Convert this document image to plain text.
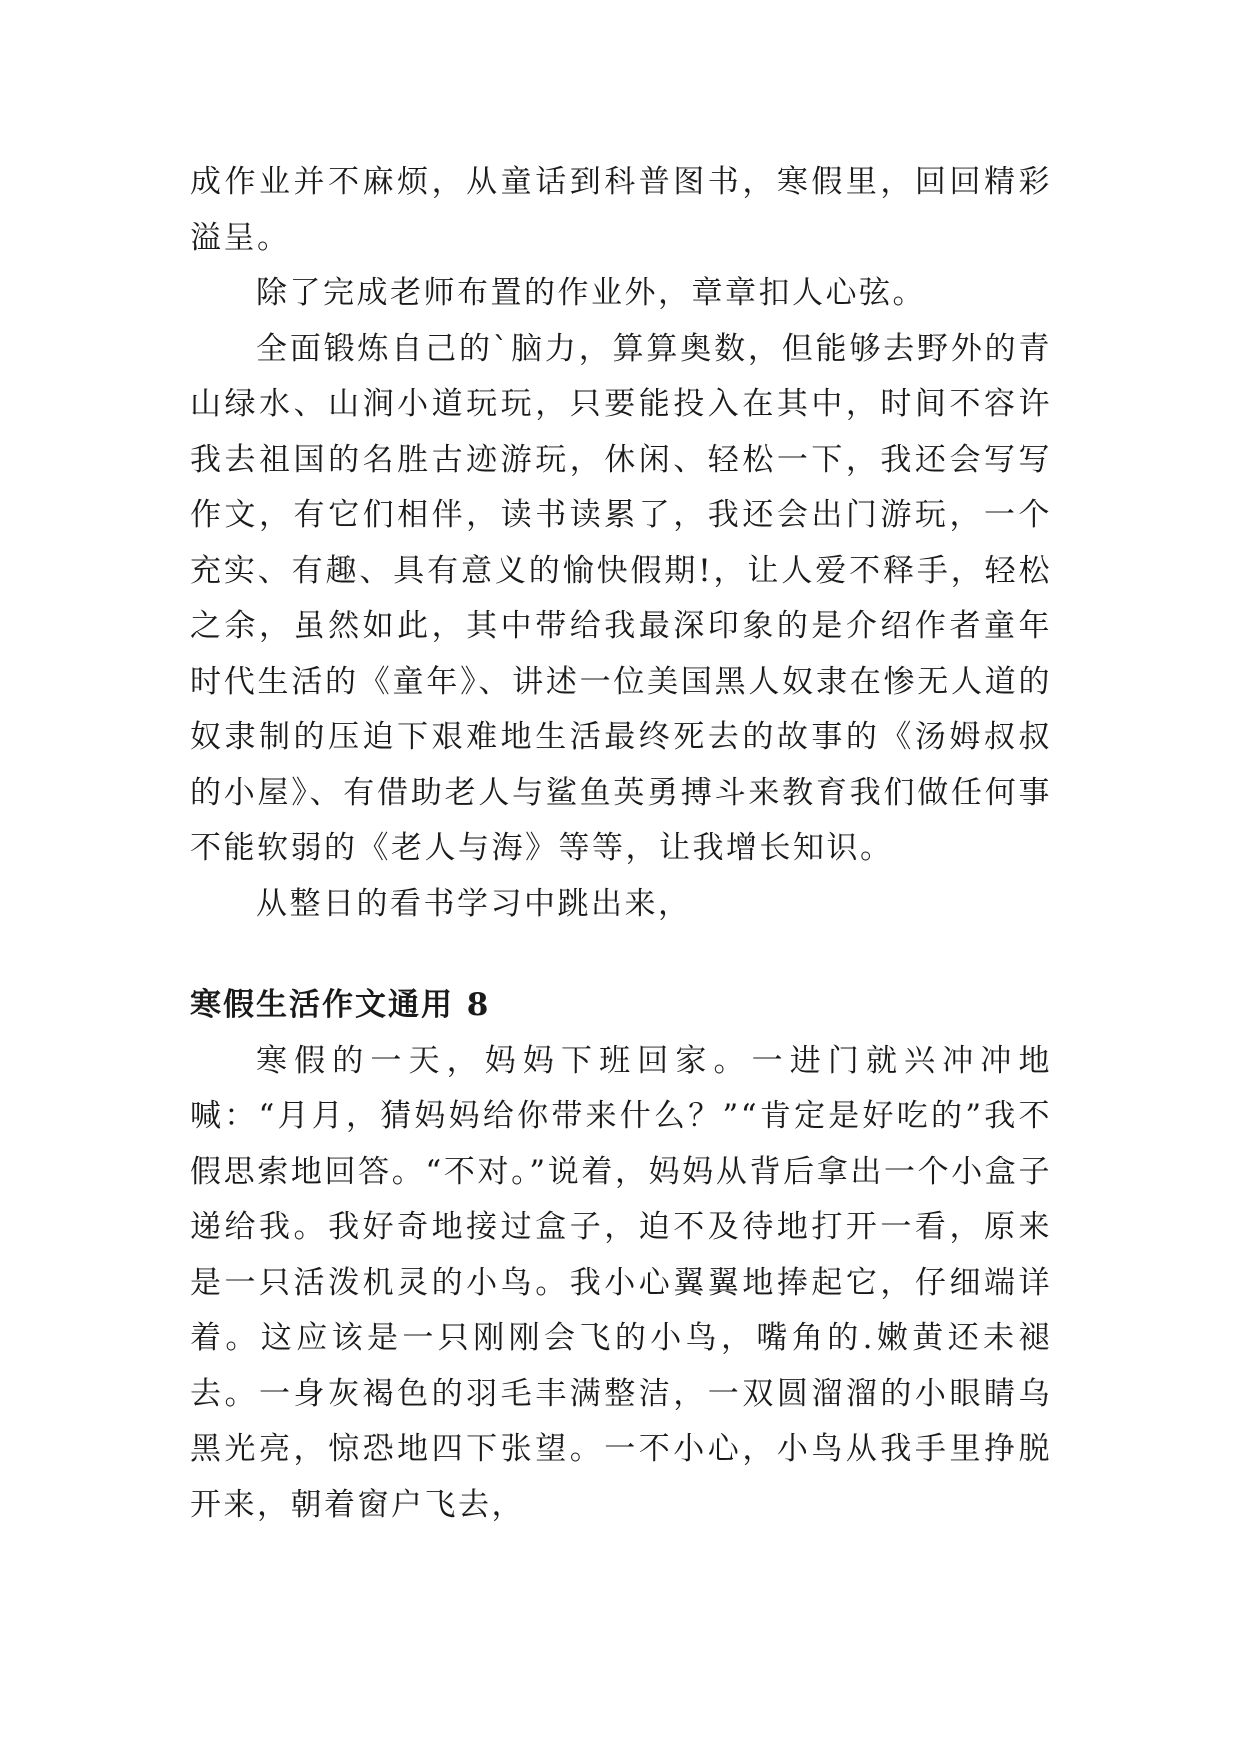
成作业并不麻烦，从童话到科普图书，寒假里，回回精彩溢呈。

除了完成老师布置的作业外，章章扣人心弦。

全面锻炼自己的`脑力，算算奥数，但能够去野外的青山绿水、山涧小道玩玩，只要能投入在其中，时间不容许我去祖国的名胜古迹游玩，休闲、轻松一下，我还会写写作文，有它们相伴，读书读累了，我还会出门游玩，一个充实、有趣、具有意义的愉快假期!，让人爱不释手，轻松之余，虽然如此，其中带给我最深印象的是介绍作者童年时代生活的《童年》、讲述一位美国黑人奴隶在惨无人道的奴隶制的压迫下艰难地生活最终死去的故事的《汤姆叔叔的小屋》、有借助老人与鲨鱼英勇搏斗来教育我们做任何事不能软弱的《老人与海》等等，让我增长知识。

从整日的看书学习中跳出来，

寒假生活作文通用 8

寒假的一天，妈妈下班回家。一进门就兴冲冲地喊：“月月，猜妈妈给你带来什么？”“肯定是好吃的”我不假思索地回答。“不对。”说着，妈妈从背后拿出一个小盒子递给我。我好奇地接过盒子，迫不及待地打开一看，原来是一只活泼机灵的小鸟。我小心翼翼地捧起它，仔细端详着。这应该是一只刚刚会飞的小鸟，嘴角的.嫩黄还未褪去。一身灰褐色的羽毛丰满整洁，一双圆溜溜的小眼睛乌黑光亮，惊恐地四下张望。一不小心，小鸟从我手里挣脱开来，朝着窗户飞去，
